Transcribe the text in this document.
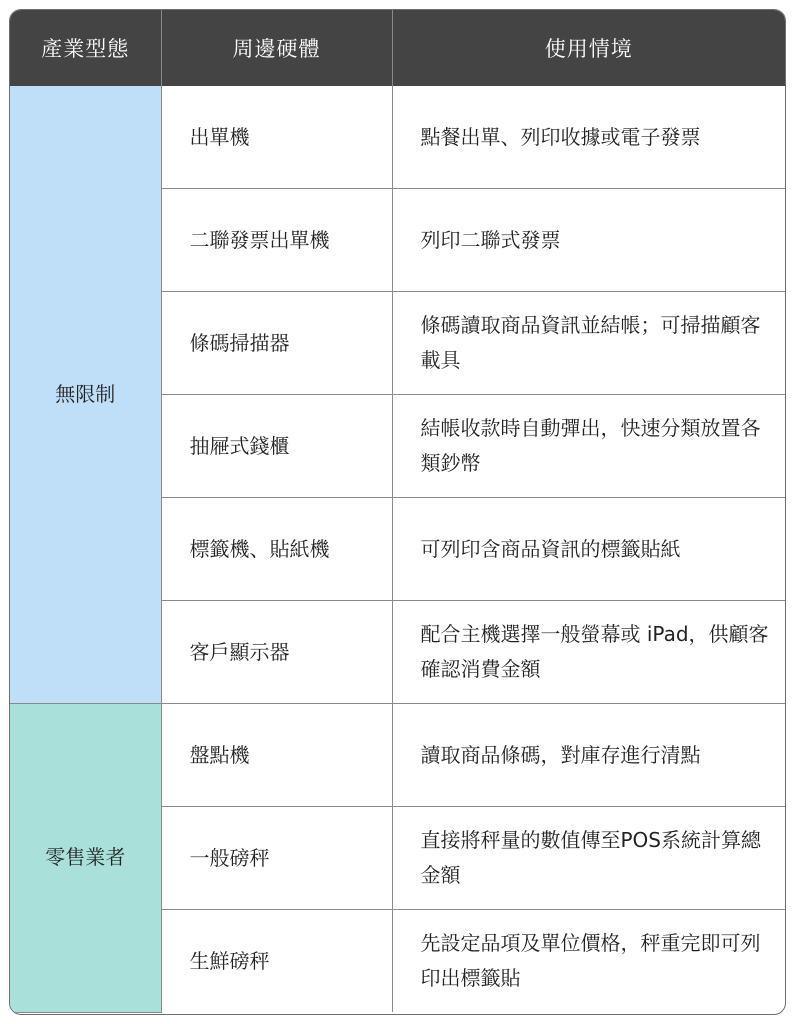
產業型態	周邊硬體	使用情境
無限制	出單機	點餐出單、列印收據或電子發票
	二聯發票出單機	列印二聯式發票
	條碼掃描器	條碼讀取商品資訊並結帳；可掃描顧客載具
	抽屜式錢櫃	結帳收款時自動彈出，快速分類放置各類鈔幣
	標籤機、貼紙機	可列印含商品資訊的標籤貼紙
	客戶顯示器	配合主機選擇一般螢幕或 iPad，供顧客確認消費金額
零售業者	盤點機	讀取商品條碼，對庫存進行清點
	一般磅秤	直接將秤量的數值傳至POS系統計算總金額
	生鮮磅秤	先設定品項及單位價格，秤重完即可列印出標籤貼
